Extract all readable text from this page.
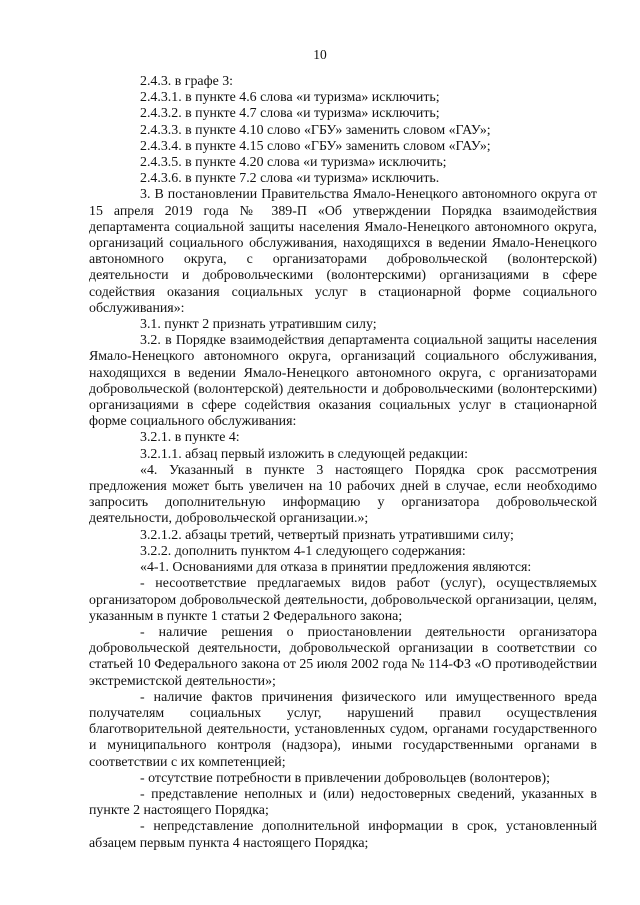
10

2.4.3. в графе 3:

2.4.3.1. в пункте 4.6 слова «и туризма» исключить;

2.4.3.2. в пункте 4.7 слова «и туризма» исключить;

2.4.3.3. в пункте 4.10 слово «ГБУ» заменить словом «ГАУ»;

2.4.3.4. в пункте 4.15 слово «ГБУ» заменить словом «ГАУ»;

2.4.3.5. в пункте 4.20 слова «и туризма» исключить;

2.4.3.6. в пункте 7.2 слова «и туризма» исключить.

3. В постановлении Правительства Ямало-Ненецкого автономного округа от 15 апреля 2019 года № 389-П «Об утверждении Порядка взаимодействия департамента социальной защиты населения Ямало-Ненецкого автономного округа, организаций социального обслуживания, находящихся в ведении Ямало-Ненецкого автономного округа, с организаторами добровольческой (волонтерской) деятельности и добровольческими (волонтерскими) организациями в сфере содействия оказания социальных услуг в стационарной форме социального обслуживания»:

3.1. пункт 2 признать утратившим силу;

3.2. в Порядке взаимодействия департамента социальной защиты населения Ямало-Ненецкого автономного округа, организаций социального обслуживания, находящихся в ведении Ямало-Ненецкого автономного округа, с организаторами добровольческой (волонтерской) деятельности и добровольческими (волонтерскими) организациями в сфере содействия оказания социальных услуг в стационарной форме социального обслуживания:

3.2.1. в пункте 4:

3.2.1.1. абзац первый изложить в следующей редакции:

«4. Указанный в пункте 3 настоящего Порядка срок рассмотрения предложения может быть увеличен на 10 рабочих дней в случае, если необходимо запросить дополнительную информацию у организатора добровольческой деятельности, добровольческой организации.»;

3.2.1.2. абзацы третий, четвертый признать утратившими силу;

3.2.2. дополнить пунктом 4-1 следующего содержания:

«4-1. Основаниями для отказа в принятии предложения являются:

- несоответствие предлагаемых видов работ (услуг), осуществляемых организатором добровольческой деятельности, добровольческой организации, целям, указанным в пункте 1 статьи 2 Федерального закона;

- наличие решения о приостановлении деятельности организатора добровольческой деятельности, добровольческой организации в соответствии со статьей 10 Федерального закона от 25 июля 2002 года № 114-ФЗ «О противодействии экстремистской деятельности»;

- наличие фактов причинения физического или имущественного вреда получателям социальных услуг, нарушений правил осуществления благотворительной деятельности, установленных судом, органами государственного и муниципального контроля (надзора), иными государственными органами в соответствии с их компетенцией;

- отсутствие потребности в привлечении добровольцев (волонтеров);

- представление неполных и (или) недостоверных сведений, указанных в пункте 2 настоящего Порядка;

- непредставление дополнительной информации в срок, установленный абзацем первым пункта 4 настоящего Порядка;
